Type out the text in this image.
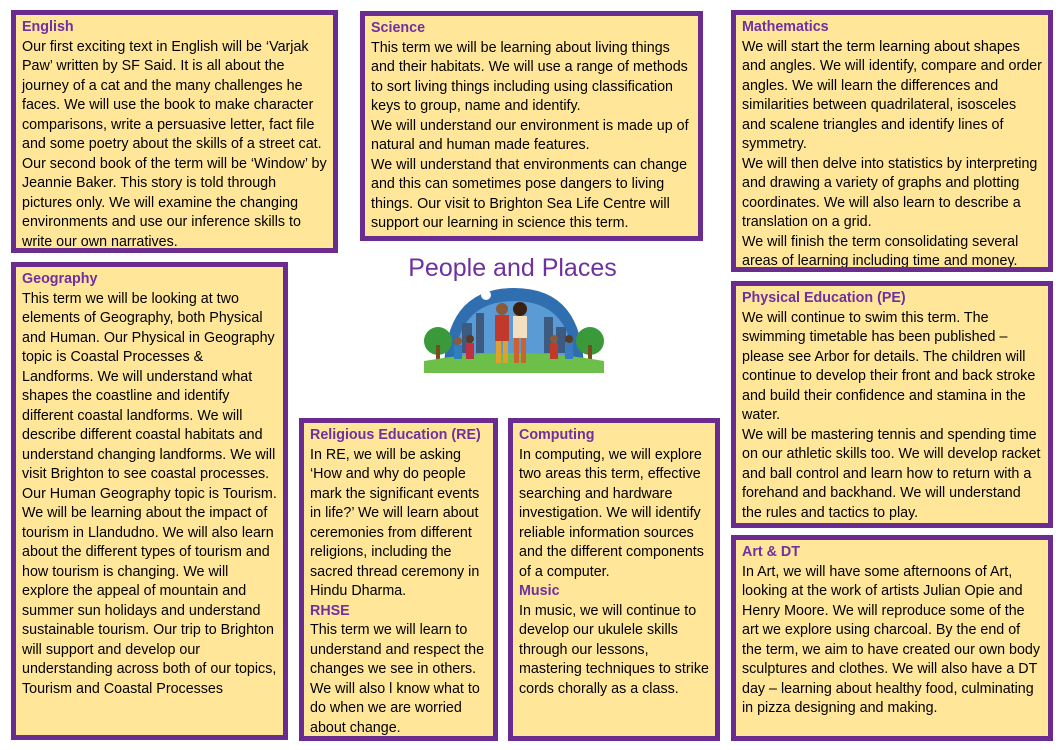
English

Our first exciting text in English will be ‘Varjak Paw’ written by SF Said. It is all about the journey of a cat and the many challenges he faces. We will use the book to make character comparisons, write a persuasive letter, fact file and some poetry about the skills of a street cat. Our second book of the term will be ‘Window’ by Jeannie Baker. This story is told through pictures only. We will examine the changing environments and use our inference skills to write our own narratives.

Science

This term we will be learning about living things and their habitats. We will use a range of methods to sort living things including using classification keys to group, name and identify.

We will understand our environment is made up of natural and human made features.

We will understand that environments can change and this can sometimes pose dangers to living things. Our visit to Brighton Sea Life Centre will support our learning in science this term.

Mathematics

We will start the term learning about shapes and angles. We will identify, compare and order angles. We will learn the differences and similarities between quadrilateral, isosceles and scalene triangles and identify lines of symmetry.

We will then delve into statistics by interpreting and drawing a variety of graphs and plotting coordinates. We will also learn to describe a translation on a grid.

We will finish the term consolidating several areas of learning including time and money.

Geography

This term we will be looking at two elements of Geography, both Physical and Human. Our Physical in Geography topic is Coastal Processes & Landforms. We will understand what shapes the coastline and identify different coastal landforms. We will describe different coastal habitats and understand changing landforms. We will visit Brighton to see coastal processes.

Our Human Geography topic is Tourism. We will be learning about the impact of tourism in Llandudno. We will also learn about the different types of tourism and how tourism is changing. We will explore the appeal of mountain and summer sun holidays and understand sustainable tourism. Our trip to Brighton will support and develop our understanding across both of our topics, Tourism and Coastal Processes

People and Places
Religious Education (RE)

In RE, we will be asking ‘How and why do people mark the significant events in life?’ We will learn about ceremonies from different religions, including the sacred thread ceremony in Hindu Dharma.

RHSE

This term we will learn to understand and respect the changes we see in others. We will also l know what to do when we are worried about change.

Computing

In computing, we will explore two areas this term, effective searching and hardware investigation. We will identify reliable information sources and the different components of a computer.

Music

In music, we will continue to develop our ukulele skills through our lessons, mastering techniques to strike cords chorally as a class.

Physical Education (PE)

We will continue to swim this term. The swimming timetable has been published – please see Arbor for details. The children will continue to develop their front and back stroke and build their confidence and stamina in the water.

We will be mastering tennis and spending time on our athletic skills too. We will develop racket and ball control and learn how to return with a forehand and backhand. We will understand the rules and tactics to play.

Art & DT

In Art, we will have some afternoons of Art, looking at the work of artists Julian Opie and Henry Moore. We will reproduce some of the art we explore using charcoal. By the end of the term, we aim to have created our own body sculptures and clothes. We will also have a DT day – learning about healthy food, culminating in pizza designing and making.
